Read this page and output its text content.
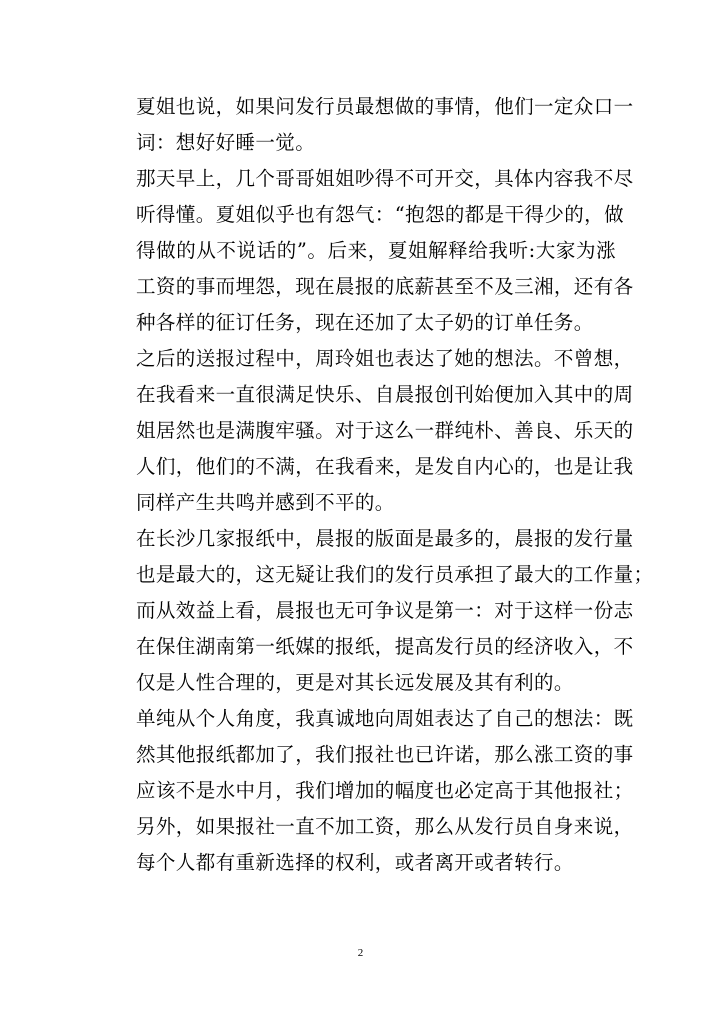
夏姐也说，如果问发行员最想做的事情，他们一定众口一
词：想好好睡一觉。
那天早上，几个哥哥姐姐吵得不可开交，具体内容我不尽
听得懂。夏姐似乎也有怨气：“抱怨的都是干得少的，做
得做的从不说话的”。后来，夏姐解释给我听:大家为涨
工资的事而埋怨，现在晨报的底薪甚至不及三湘，还有各
种各样的征订任务，现在还加了太子奶的订单任务。
之后的送报过程中，周玲姐也表达了她的想法。不曾想，
在我看来一直很满足快乐、自晨报创刊始便加入其中的周
姐居然也是满腹牢骚。对于这么一群纯朴、善良、乐天的
人们，他们的不满，在我看来，是发自内心的，也是让我
同样产生共鸣并感到不平的。
在长沙几家报纸中，晨报的版面是最多的，晨报的发行量
也是最大的，这无疑让我们的发行员承担了最大的工作量；
而从效益上看，晨报也无可争议是第一：对于这样一份志
在保住湖南第一纸媒的报纸，提高发行员的经济收入，不
仅是人性合理的，更是对其长远发展及其有利的。
单纯从个人角度，我真诚地向周姐表达了自己的想法：既
然其他报纸都加了，我们报社也已许诺，那么涨工资的事
应该不是水中月，我们增加的幅度也必定高于其他报社；
另外，如果报社一直不加工资，那么从发行员自身来说，
每个人都有重新选择的权利，或者离开或者转行。
2
